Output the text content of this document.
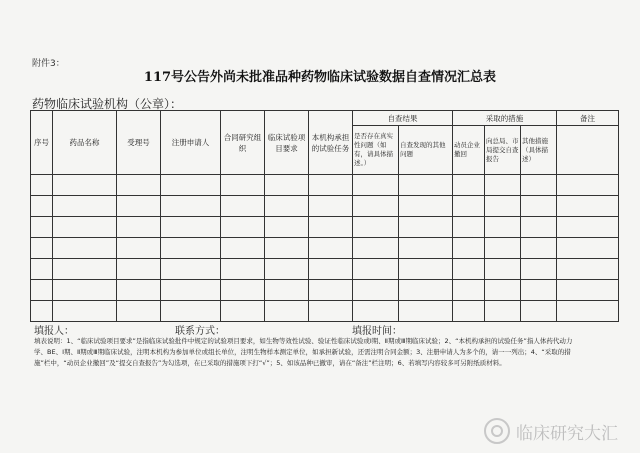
附件3：
117号公告外尚未批准品种药物临床试验数据自查情况汇总表
药物临床试验机构（公章）：
序号	药品名称	受理号	注册申请人	合同研究组织	临床试验项目要求	本机构承担的试验任务	自查结果		采取的措施			备注
							是否存在真实性问题（如有，请具体描述。）	自查发现的其他问题	动员企业撤回	向总局、市局提交自查报告	其他措施（具体描述）	

填报人：	联系方式：	填报时间：
填表说明：1、“临床试验项目要求”是指临床试验批件中规定的试验项目要求，如生物等效性试验、验证性临床试验或Ⅰ期、Ⅱ期或Ⅲ期临床试验；2、“本机构承担的试验任务”指人体药代动力学、BE、Ⅰ期、Ⅱ期或Ⅲ期临床试验，注明本机构为参加单位或组长单位，注明生物样本测定单位，如承担新试验，还需注明合同金额；3、注册申请人为多个的，请一一列出；4、“采取的措施”栏中，“动员企业撤回”及“提交自查报告”为勾选项，在已采取的措施项下打“√”；5、如该品种已撤审，请在“备注”栏注明；6、若填写内容较多可另附纸质材料。
临床研究大汇
